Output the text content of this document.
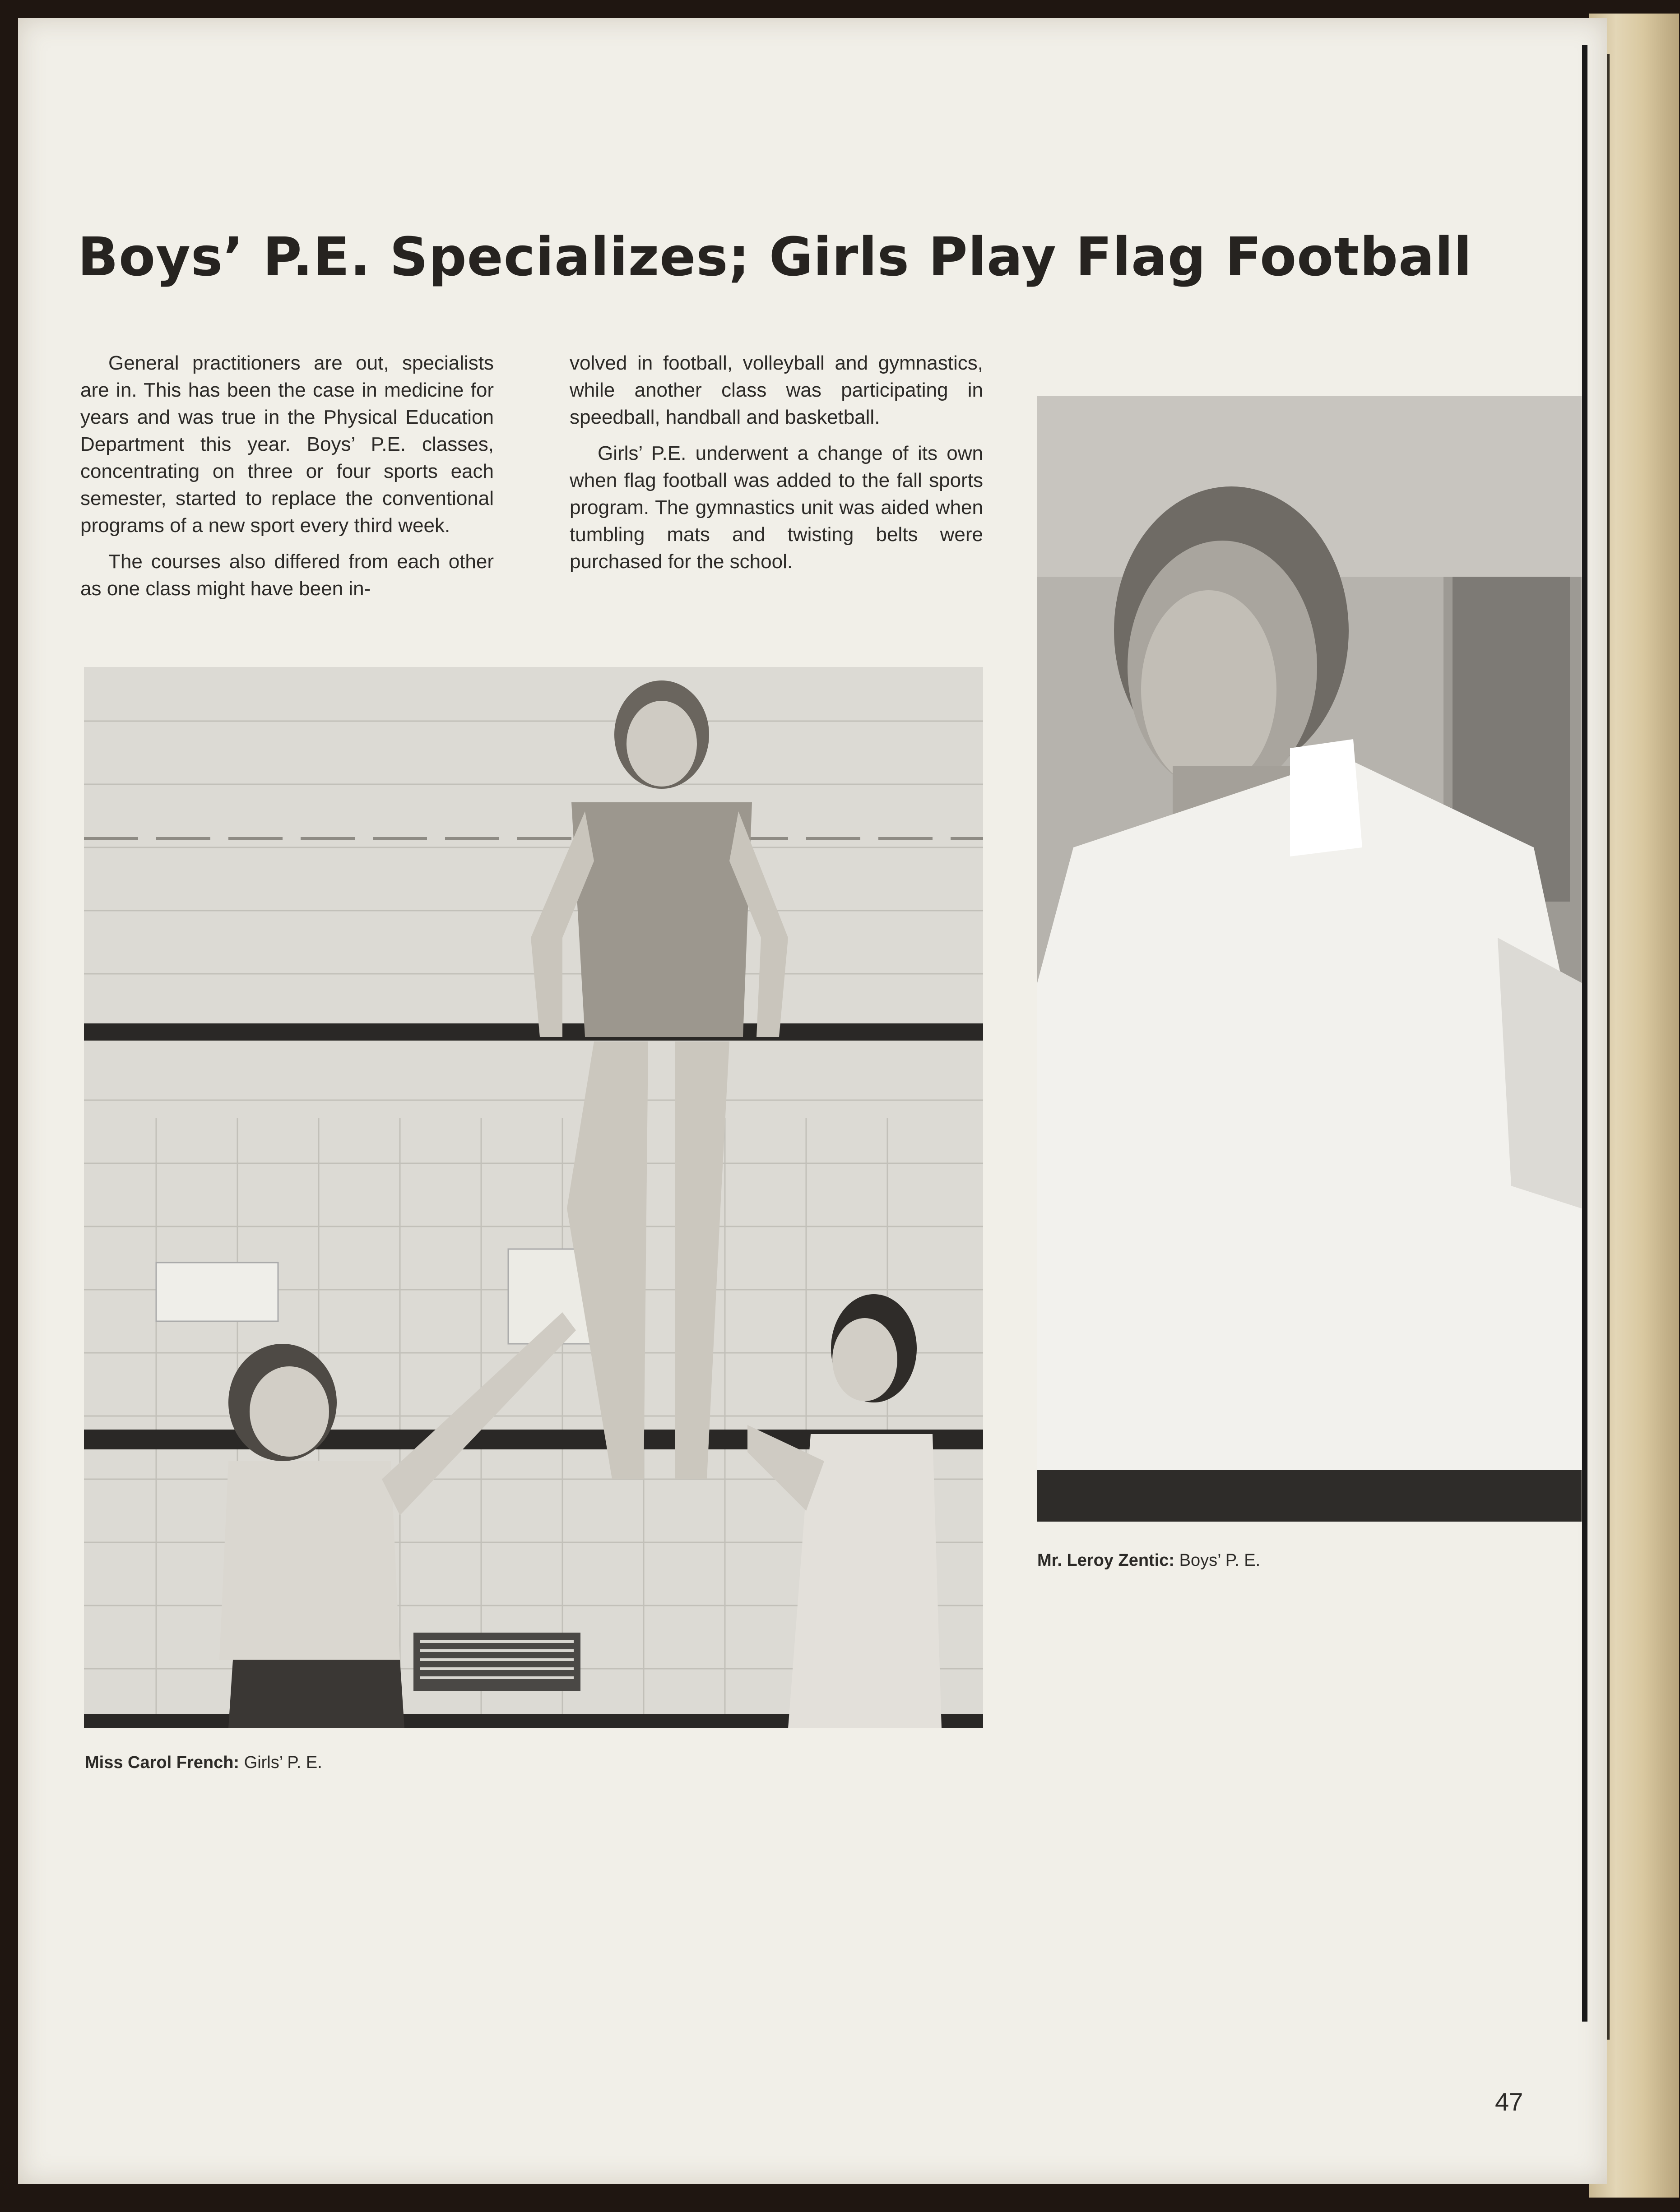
Boys’ P.E. Specializes; Girls Play Flag Football

General practitioners are out, specialists are in. This has been the case in medicine for years and was true in the Physical Education Department this year. Boys’ P.E. classes, concentrating on three or four sports each semester, started to replace the conventional programs of a new sport every third week.

The courses also differed from each other as one class might have been in-

volved in football, volleyball and gymnastics, while another class was participating in speedball, handball and basketball.

Girls’ P.E. underwent a change of its own when flag football was added to the fall sports program. The gymnastics unit was aided when tumbling mats and twisting belts were purchased for the school.

Miss Carol French: Girls’ P. E.
Mr. Leroy Zentic: Boys’ P. E.
47
